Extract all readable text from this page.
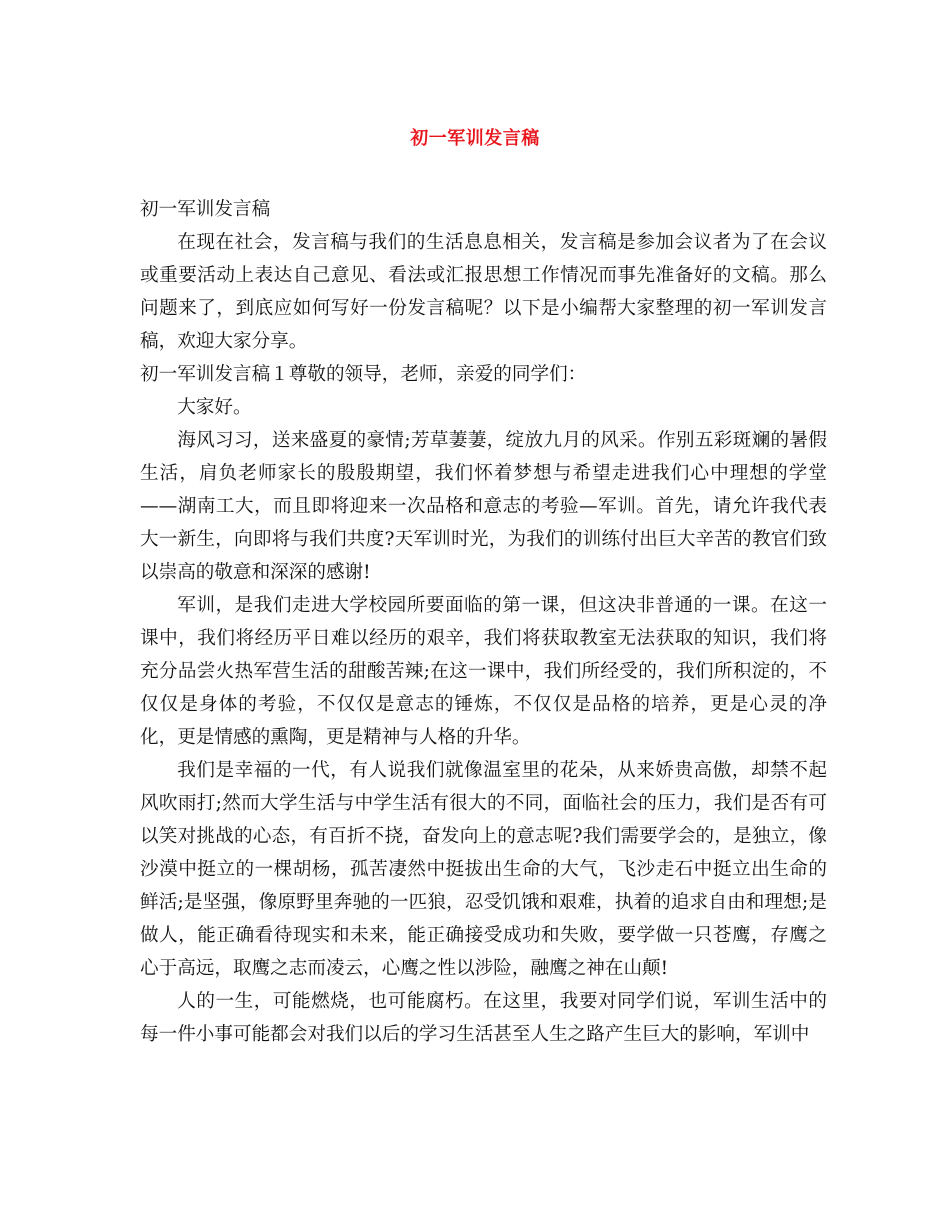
初一军训发言稿

初一军训发言稿

在现在社会，发言稿与我们的生活息息相关，发言稿是参加会议者为了在会议或重要活动上表达自己意见、看法或汇报思想工作情况而事先准备好的文稿。那么问题来了，到底应如何写好一份发言稿呢？以下是小编帮大家整理的初一军训发言稿，欢迎大家分享。

初一军训发言稿１尊敬的领导，老师，亲爱的同学们：

大家好。

海风习习，送来盛夏的豪情;芳草萋萋，绽放九月的风采。作别五彩斑斓的暑假生活，肩负老师家长的殷殷期望，我们怀着梦想与希望走进我们心中理想的学堂——湖南工大，而且即将迎来一次品格和意志的考验—军训。首先，请允许我代表大一新生，向即将与我们共度?天军训时光，为我们的训练付出巨大辛苦的教官们致以崇高的敬意和深深的感谢!

军训，是我们走进大学校园所要面临的第一课，但这决非普通的一课。在这一课中，我们将经历平日难以经历的艰辛，我们将获取教室无法获取的知识，我们将充分品尝火热军营生活的甜酸苦辣;在这一课中，我们所经受的，我们所积淀的，不仅仅是身体的考验，不仅仅是意志的锤炼，不仅仅是品格的培养，更是心灵的净化，更是情感的熏陶，更是精神与人格的升华。

我们是幸福的一代，有人说我们就像温室里的花朵，从来娇贵高傲，却禁不起风吹雨打;然而大学生活与中学生活有很大的不同，面临社会的压力，我们是否有可以笑对挑战的心态，有百折不挠，奋发向上的意志呢?我们需要学会的，是独立，像沙漠中挺立的一棵胡杨，孤苦凄然中挺拔出生命的大气，飞沙走石中挺立出生命的鲜活;是坚强，像原野里奔驰的一匹狼，忍受饥饿和艰难，执着的追求自由和理想;是做人，能正确看待现实和未来，能正确接受成功和失败，要学做一只苍鹰，存鹰之心于高远，取鹰之志而凌云，心鹰之性以涉险，融鹰之神在山颠!

人的一生，可能燃烧，也可能腐朽。在这里，我要对同学们说，军训生活中的每一件小事可能都会对我们以后的学习生活甚至人生之路产生巨大的影响，军训中
